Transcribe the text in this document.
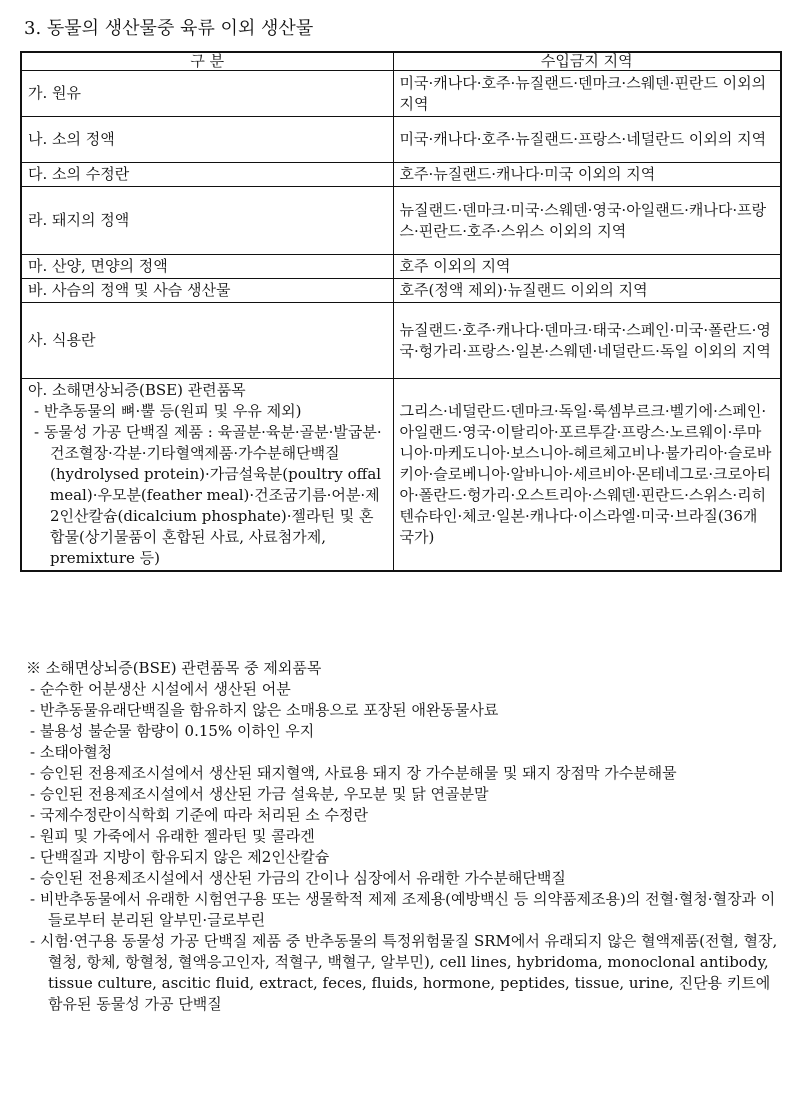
3. 동물의 생산물중 육류 이외 생산물
구 분	수입금지 지역
가. 원유	미국·캐나다·호주·뉴질랜드·덴마크·스웨덴·핀란드 이외의 지역
나. 소의 정액	미국·캐나다·호주·뉴질랜드·프랑스·네덜란드 이외의 지역
다. 소의 수정란	호주·뉴질랜드·캐나다·미국 이외의 지역
라. 돼지의 정액	뉴질랜드·덴마크·미국·스웨덴·영국·아일랜드·캐나다·프랑스·핀란드·호주·스위스 이외의 지역
마. 산양, 면양의 정액	호주 이외의 지역
바. 사슴의 정액 및 사슴 생산물	호주(정액 제외)·뉴질랜드 이외의 지역
사. 식용란	뉴질랜드·호주·캐나다·덴마크·태국·스페인·미국·폴란드·영국·헝가리·프랑스·일본·스웨덴·네덜란드·독일 이외의 지역

아. 소해면상뇌증(BSE) 관련품목
- 반추동물의 뼈·뿔 등(원피 및 우유 제외)
- 동물성 가공 단백질 제품 : 육골분·육분·골분·발굽분·건조혈장·각분·기타혈액제품·가수분해단백질(hydrolysed protein)·가금설육분(poultry offal meal)·우모분(feather meal)·건조굼기름·어분·제2인산칼슘(dicalcium phosphate)·젤라틴 및 혼합물(상기물품이 혼합된 사료, 사료첨가제, premixture 등)	그리스·네덜란드·덴마크·독일·룩셈부르크·벨기에·스페인·아일랜드·영국·이탈리아·포르투갈·프랑스·노르웨이·루마니아·마케도니아·보스니아-헤르체고비나·불가리아·슬로바키아·슬로베니아·알바니아·세르비아·몬테네그로·크로아티아·폴란드·헝가리·오스트리아·스웨덴·핀란드·스위스·리히텐슈타인·체코·일본·캐나다·이스라엘·미국·브라질(36개 국가)
※ 소해면상뇌증(BSE) 관련품목 중 제외품목
- 순수한 어분생산 시설에서 생산된 어분
- 반추동물유래단백질을 함유하지 않은 소매용으로 포장된 애완동물사료
- 불용성 불순물 함량이 0.15% 이하인 우지
- 소태아혈청
- 승인된 전용제조시설에서 생산된 돼지혈액, 사료용 돼지 장 가수분해물 및 돼지 장점막 가수분해물
- 승인된 전용제조시설에서 생산된 가금 설육분, 우모분 및 닭 연골분말
- 국제수정란이식학회 기준에 따라 처리된 소 수정란
- 원피 및 가죽에서 유래한 젤라틴 및 콜라겐
- 단백질과 지방이 함유되지 않은 제2인산칼슘
- 승인된 전용제조시설에서 생산된 가금의 간이나 심장에서 유래한 가수분해단백질
- 비반추동물에서 유래한 시험연구용 또는 생물학적 제제 조제용(예방백신 등 의약품제조용)의 전혈·혈청·혈장과 이들로부터 분리된 알부민·글로부린
- 시험·연구용 동물성 가공 단백질 제품 중 반추동물의 특정위험물질 SRM에서 유래되지 않은 혈액제품(전혈, 혈장, 혈청, 항체, 항혈청, 혈액응고인자, 적혈구, 백혈구, 알부민), cell lines, hybridoma, monoclonal antibody, tissue culture, ascitic fluid, extract, feces, fluids, hormone, peptides, tissue, urine, 진단용 키트에 함유된 동물성 가공 단백질
